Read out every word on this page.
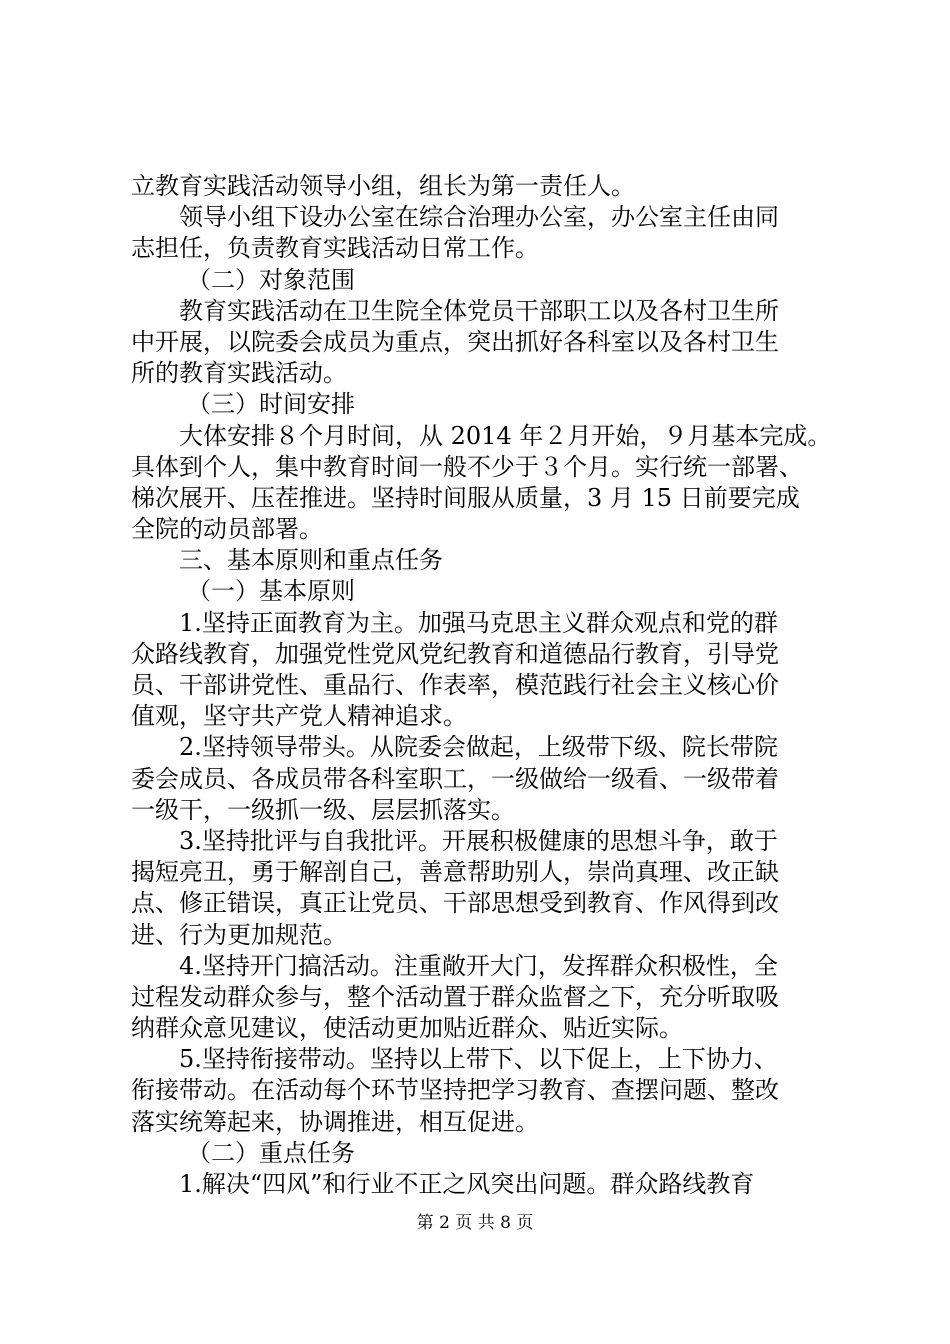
立教育实践活动领导小组，组长为第一责任人。
领导小组下设办公室在综合治理办公室，办公室主任由同
志担任，负责教育实践活动日常工作。
（二）对象范围
教育实践活动在卫生院全体党员干部职工以及各村卫生所
中开展，以院委会成员为重点，突出抓好各科室以及各村卫生
所的教育实践活动。
（三）时间安排
大体安排８个月时间，从 2014 年２月开始，９月基本完成。
具体到个人，集中教育时间一般不少于３个月。实行统一部署、
梯次展开、压茬推进。坚持时间服从质量，3 月 15 日前要完成
全院的动员部署。
三、基本原则和重点任务
（一）基本原则
1.坚持正面教育为主。加强马克思主义群众观点和党的群
众路线教育，加强党性党风党纪教育和道德品行教育，引导党
员、干部讲党性、重品行、作表率，模范践行社会主义核心价
值观，坚守共产党人精神追求。
2.坚持领导带头。从院委会做起，上级带下级、院长带院
委会成员、各成员带各科室职工，一级做给一级看、一级带着
一级干，一级抓一级、层层抓落实。
3.坚持批评与自我批评。开展积极健康的思想斗争，敢于
揭短亮丑，勇于解剖自己，善意帮助别人，崇尚真理、改正缺
点、修正错误，真正让党员、干部思想受到教育、作风得到改
进、行为更加规范。
4.坚持开门搞活动。注重敞开大门，发挥群众积极性，全
过程发动群众参与，整个活动置于群众监督之下，充分听取吸
纳群众意见建议，使活动更加贴近群众、贴近实际。
5.坚持衔接带动。坚持以上带下、以下促上，上下协力、
衔接带动。在活动每个环节坚持把学习教育、查摆问题、整改
落实统筹起来，协调推进，相互促进。
（二）重点任务
1.解决“四风”和行业不正之风突出问题。群众路线教育
第 2 页 共 8 页
